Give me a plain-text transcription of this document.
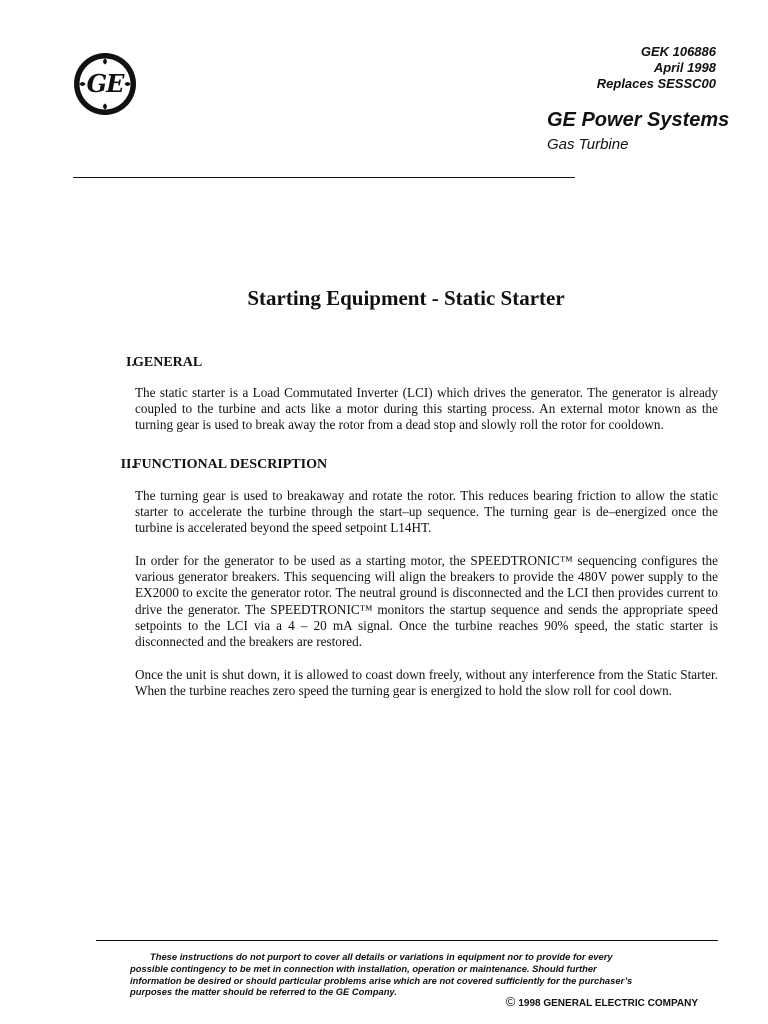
GE
GEK 106886
April 1998
Replaces SESSC00
GE Power Systems
Gas Turbine
Starting Equipment - Static Starter
I.
GENERAL

The static starter is a Load Commutated Inverter (LCI) which drives the generator. The generator is already coupled to the turbine and acts like a motor during this starting process. An external motor known as the turning gear is used to break away the rotor from a dead stop and slowly roll the rotor for cooldown.

II.
FUNCTIONAL DESCRIPTION

The turning gear is used to breakaway and rotate the rotor. This reduces bearing friction to allow the static starter to accelerate the turbine through the start–up sequence. The turning gear is de–energized once the turbine is accelerated beyond the speed setpoint L14HT.

In order for the generator to be used as a starting motor, the SPEEDTRONIC™ sequencing configures the various generator breakers. This sequencing will align the breakers to provide the 480V power supply to the EX2000 to excite the generator rotor. The neutral ground is disconnected and the LCI then provides current to drive the generator. The SPEEDTRONIC™ monitors the startup sequence and sends the appropriate speed setpoints to the LCI via a 4 – 20 mA signal. Once the turbine reaches 90% speed, the static starter is disconnected and the breakers are restored.

Once the unit is shut down, it is allowed to coast down freely, without any interference from the Static Starter. When the turbine reaches zero speed the turning gear is energized to hold the slow roll for cool down.

These instructions do not purport to cover all details or variations in equipment nor to provide for every possible contingency to be met in connection with installation, operation or maintenance. Should further information be desired or should particular problems arise which are not covered sufficiently for the purchaser’s purposes the matter should be referred to the GE Company.

© 1998 GENERAL ELECTRIC COMPANY
